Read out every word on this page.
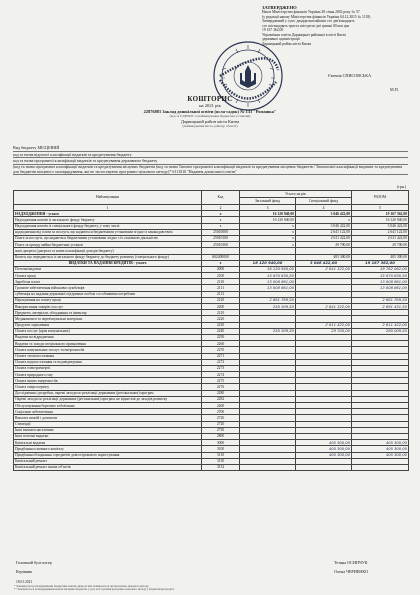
ЗАТВЕРДЖЕНО
Наказ Міністерства фінансів України 28 січня 2002 року № 57
(у редакції наказу Міністерства фінансів України 04.12.2015 № 1118)
Затверджений у сумі: двадцятьмільйонів сто дев'ятнадцять
сто шістнадцять триста шістдесят дві гривні 00 коп грн
19 167 362,00
Управління освіти Дарницької районної в місті Києві
державної адміністрації
Дарницький район міста Києва
Євгенія СПИСОВСЬКА
М.П.
КОШТОРИС
на 2021 рік
22876881 Заклад дошкільної освіти (ясла-садок) № 133 "Ромашка"
(код за ЄДРПОУ та найменування бюджетної установи)
Дарницький район міста Києва
(найменування міста, району, області)
Вид бюджету МІСЦЕВИЙ
код та назва відомчої класифікації видатків та кредитування бюджету
код та назва програмної класифікації видатків та кредитування державного бюджету
(код та назва програмної класифікації видатків та кредитування місцевих бюджетів (код та назва Типової програмної класифікації видатків та кредитування місцевих бюджетів / Тимчасової класифікації видатків та кредитування для бюджетів місцевого самоврядування, які не застосовують програмно-цільового методу)* 6111010 "Надання дошкільної освіти"
(грн.)
Найменування	Код	Усього на рік		РАЗОМ
		Загальний фонд	Спеціальний фонд	
1	2	3	4	5
НАДХОДЖЕННЯ - усього	х	16 120 940,00	3 046 422,00	19 167 362,00
Надходження коштів із загального фонду бюджету	х	16 120 940,00	х	16 120 940,00
Надходження коштів із спеціального фонду бюджету, у тому числі:	х	х	3 046 422,00	3 046 422,00
надходження від плати за послуги, що надаються бюджетними установами згідно із законодавством	25010000	х	2 641 122,00	2 641 122,00
Плата за послуги, що надаються бюджетними установами згідно з їх основною діяльністю	25010100	х	2 611 422,00	2 611 422,00
Плата за оренду майна бюджетних установ	25010300	х	29 700,00	29 700,00
інші джерела (джерела та назва класифікації доходів бюджету)				
Кошти, що передаються із загального фонду бюджету до бюджету розвитку (спеціального фонду)	602400000		405 300,00	405 300,00
ВИДАТКИ ТА НАДАННЯ КРЕДИТІВ - усього	х	16 120 940,00	3 046 422,00	19 167 362,00
Поточні видатки	2000	16 120 940,00	2 641 122,00	18 762 062,00
Оплата праці	2100	15 870 630,50		15 870 630,50
Заробітна плата	2110	13 008 861,00		13 008 861,00
Грошове забезпечення військовослужбовців	2111	13 008 861,00		13 008 861,00
субвенція на надання державної підтримки особам з особливими потребами	2112			
Нарахування на оплату праці	2120	2 861 769,50		2 861 769,50
Використання товарів і послуг	2200	250 309,50	2 641 122,00	2 891 431,50
Предмети, матеріали, обладнання та інвентар	2210			
Медикаменти та перев'язувальні матеріали	2220			
Продукти харчування	2230		2 611 422,00	2 611 422,00
Оплата послуг (крім комунальних)	2240	250 309,50	29 700,00	280 009,50
Видатки на відрядження	2250			
Видатки та заходи спеціального призначення	2260			
Оплата комунальних послуг та енергоносіїв	2270			
Оплата теплопостачання	2271			
Оплата водопостачання та водовідведення	2272			
Оплата електроенергії	2273			
Оплата природного газу	2274			
Оплата інших енергоносіїв	2275			
Оплата енергосервісу	2276			
Дослідження і розробки, окремі заходи по реалізації державних (регіональних) програм	2280			
Окремі заходи по реалізації державних (регіональних) програм, не віднесені до заходів розвитку	2282			
Обслуговування боргових зобов'язань	2400			
Соціальне забезпечення	2700			
Виплата пенсій і допомоги	2720			
Стипендії	2720			
Інші виплати населенню	2730			
Інші поточні видатки	2800			
Капітальні видатки	3000		405 300,00	405 300,00
Придбання основного капіталу	3100		405 300,00	405 300,00
Придбання обладнання і предметів довгострокового користування	3110		405 300,00	405 300,00
Капітальний ремонт	3130			
Капітальний ремонт інших об'єктів	3132			
Головний бухгалтер	Тетяна ОСИПЧУК
Керівник	Олена ЧЕРНЕНКО
18.01.2021
* Заповнюється розпорядниками бюджетних коштів, якщо на них поширюється дія програмно-цільового методу.
** Заповнюється розпорядниками коштів місцевих бюджетів, у разі застосування програмно-цільового методу у бюджетному процесі.
